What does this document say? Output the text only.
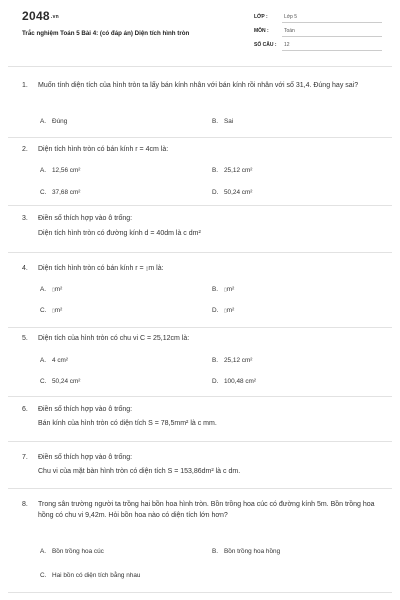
2048.vn
Trắc nghiệm Toán 5 Bài 4: (có đáp án) Diện tích hình tròn
LỚP :	Lớp 5
MÔN :	Toán
SỐ CÂU : 12
1. Muốn tính diện tích của hình tròn ta lấy bán kính nhân với bán kính rồi nhân với số 31,4. Đúng hay sai?
A. Đúng	B. Sai
2. Diện tích hình tròn có bán kính r = 4cm là:
A. 12,56 cm²	B. 25,12 cm²
C. 37,68 cm²	D. 50,24 cm²
3. Điền số thích hợp vào ô trống:
Diện tích hình tròn có đường kính d = 40dm là c dm²
4. Diện tích hình tròn có bán kính r = ▯m là:
A. ▯m²	B. ▯m²
C. ▯m²	D. ▯m²
5. Diện tích của hình tròn có chu vi C = 25,12cm là:
A. 4 cm²	B. 25,12 cm²
C. 50,24 cm²	D. 100,48 cm²
6. Điền số thích hợp vào ô trống:
Bán kính của hình tròn có diện tích S = 78,5mm² là c mm.
7. Điền số thích hợp vào ô trống:
Chu vi của mặt bàn hình tròn có diện tích S = 153,86dm² là c dm.
8. Trong sân trường người ta trồng hai bồn hoa hình tròn. Bồn trồng hoa cúc có đường kính 5m. Bồn trồng hoa hồng có chu vi 9,42m. Hỏi bồn hoa nào có diện tích lớn hơn?
A. Bồn trồng hoa cúc	B. Bồn trồng hoa hồng
C. Hai bồn có diện tích bằng nhau
